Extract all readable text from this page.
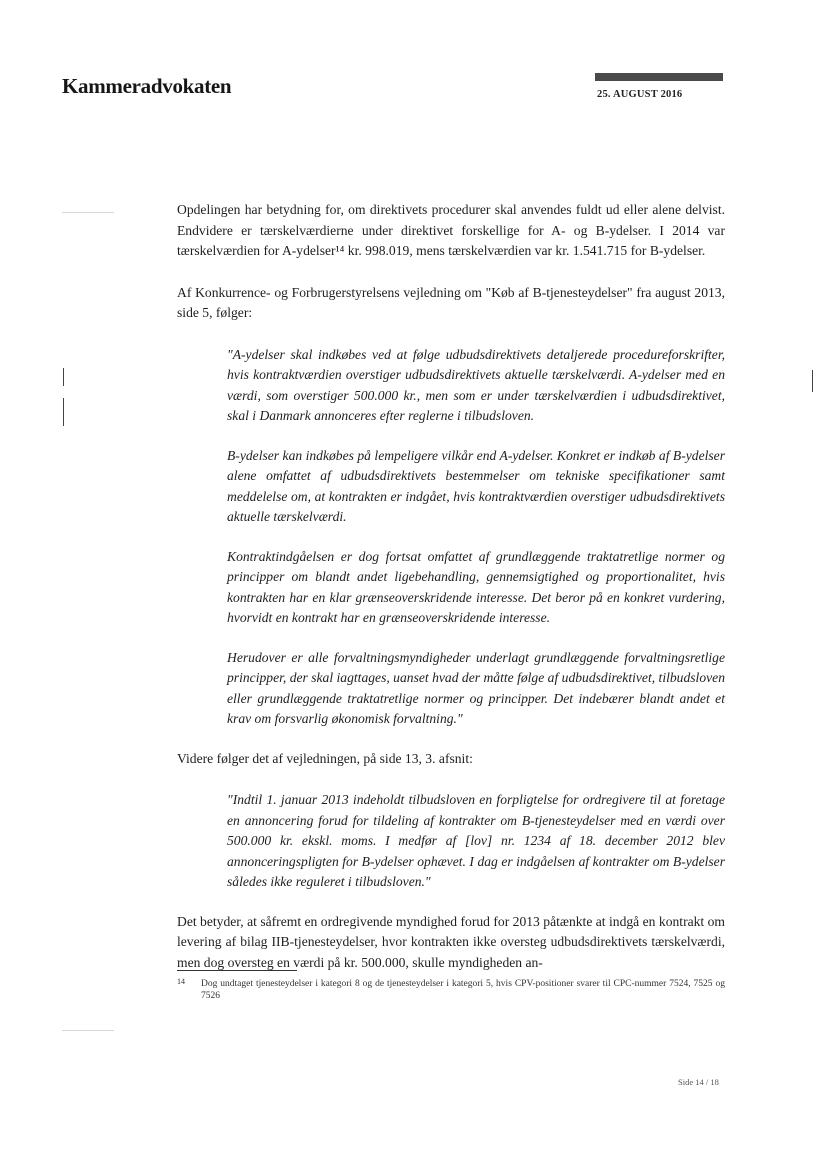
Kammeradvokaten	25. AUGUST 2016

Opdelingen har betydning for, om direktivets procedurer skal anvendes fuldt ud eller alene delvist. Endvidere er tærskelværdierne under direktivet forskellige for A- og B-ydelser. I 2014 var tærskelværdien for A-ydelser¹⁴ kr. 998.019, mens tærskelværdien var kr. 1.541.715 for B-ydelser.

Af Konkurrence- og Forbrugerstyrelsens vejledning om "Køb af B-tjenesteydelser" fra august 2013, side 5, følger:

"A-ydelser skal indkøbes ved at følge udbudsdirektivets detaljerede procedureforskrifter, hvis kontraktværdien overstiger udbudsdirektivets aktuelle tærskelværdi. A-ydelser med en værdi, som overstiger 500.000 kr., men som er under tærskelværdien i udbudsdirektivet, skal i Danmark annonceres efter reglerne i tilbudsloven.

B-ydelser kan indkøbes på lempeligere vilkår end A-ydelser. Konkret er indkøb af B-ydelser alene omfattet af udbudsdirektivets bestemmelser om tekniske specifikationer samt meddelelse om, at kontrakten er indgået, hvis kontraktværdien overstiger udbudsdirektivets aktuelle tærskelværdi.

Kontraktindgåelsen er dog fortsat omfattet af grundlæggende traktatretlige normer og principper om blandt andet ligebehandling, gennemsigtighed og proportionalitet, hvis kontrakten har en klar grænseoverskridende interesse. Det beror på en konkret vurdering, hvorvidt en kontrakt har en grænseoverskridende interesse.

Herudover er alle forvaltningsmyndigheder underlagt grundlæggende forvaltningsretlige principper, der skal iagttages, uanset hvad der måtte følge af udbudsdirektivet, tilbudsloven eller grundlæggende traktatretlige normer og principper. Det indebærer blandt andet et krav om forsvarlig økonomisk forvaltning."

Videre følger det af vejledningen, på side 13, 3. afsnit:

"Indtil 1. januar 2013 indeholdt tilbudsloven en forpligtelse for ordregivere til at foretage en annoncering forud for tildeling af kontrakter om B-tjenesteydelser med en værdi over 500.000 kr. ekskl. moms. I medfør af [lov] nr. 1234 af 18. december 2012 blev annonceringspligten for B-ydelser ophævet. I dag er indgåelsen af kontrakter om B-ydelser således ikke reguleret i tilbudsloven."

Det betyder, at såfremt en ordregivende myndighed forud for 2013 påtænkte at indgå en kontrakt om levering af bilag IIB-tjenesteydelser, hvor kontrakten ikke oversteg udbudsdirektivets tærskelværdi, men dog oversteg en værdi på kr. 500.000, skulle myndigheden an-

14 Dog undtaget tjenesteydelser i kategori 8 og de tjenesteydelser i kategori 5, hvis CPV-positioner svarer til CPC-nummer 7524, 7525 og 7526
Side 14 / 18
